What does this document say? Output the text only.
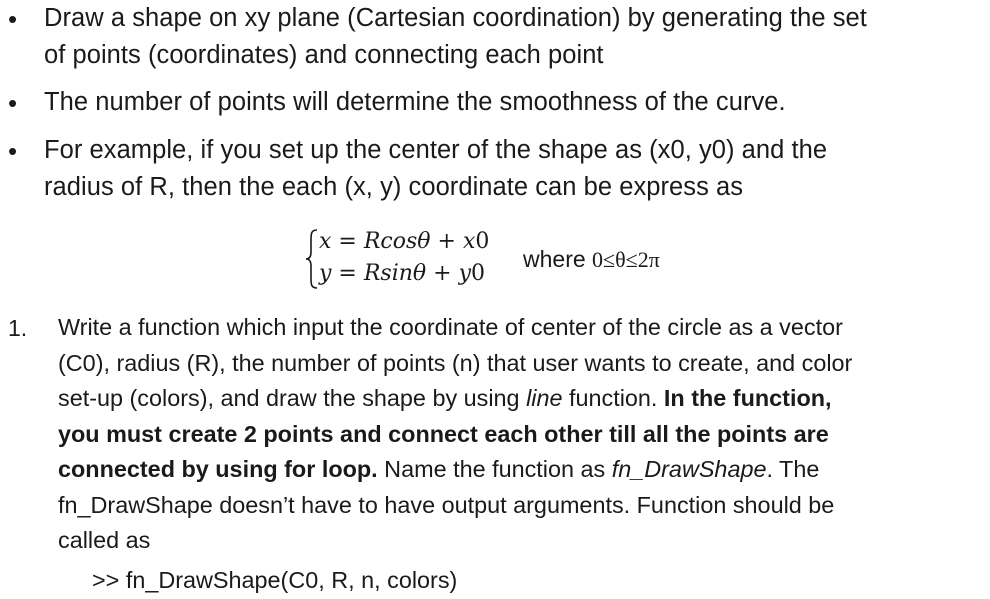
• Draw a shape on xy plane (Cartesian coordination) by generating the set
of points (coordinates) and connecting each point
• The number of points will determine the smoothness of the curve.
• For example, if you set up the center of the shape as (x0, y0) and the
radius of R, then the each (x, y) coordinate can be express as
x = Rcosθ + x0
y = Rsinθ + y0
where 0≤θ≤2π
1. Write a function which input the coordinate of center of the circle as a vector
(C0), radius (R), the number of points (n) that user wants to create, and color
set-up (colors), and draw the shape by using line function. In the function,
you must create 2 points and connect each other till all the points are
connected by using for loop. Name the function as fn_DrawShape. The
fn_DrawShape doesn’t have to have output arguments. Function should be
called as
>> fn_DrawShape(C0, R, n, colors)
